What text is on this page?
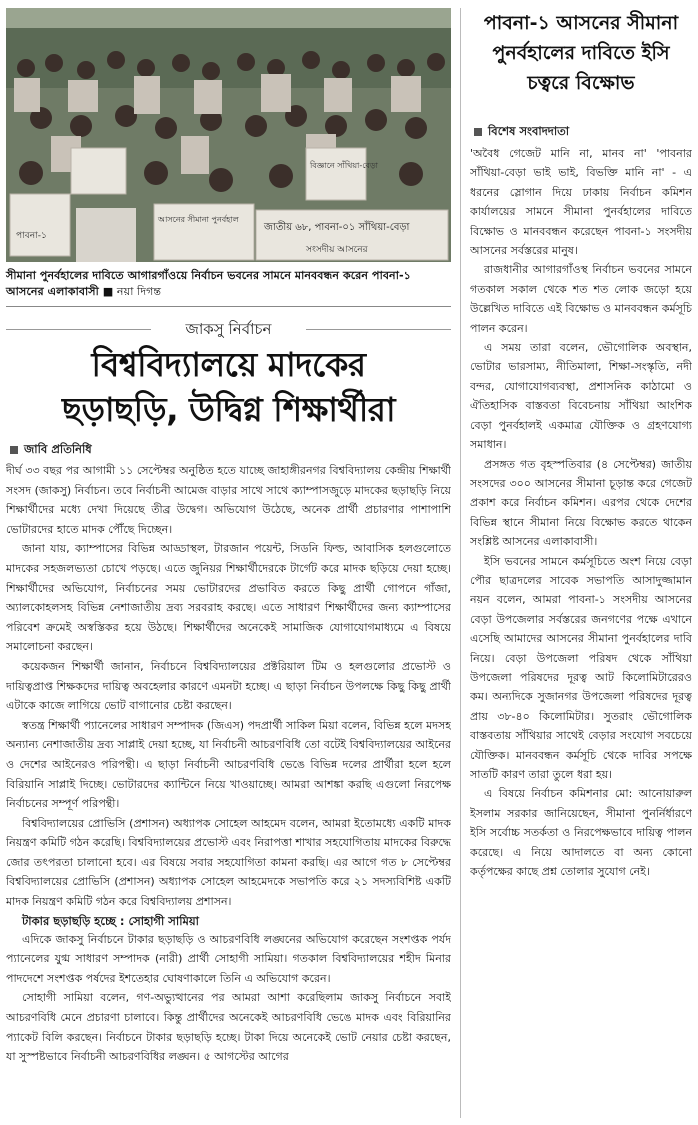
পাবনা-১
আসনের সীমানা পুনর্বহাল
জাতীয় ৬৮, পাবনা-০১ সাঁথিয়া-বেড়া
সংসদীয় আসনের
বিজ্ঞানে সাঁথিয়া-বেড়া
সীমানা পুনর্বহালের দাবিতে আগারগাঁওয়ে নির্বাচন ভবনের সামনে মানববন্ধন করেন পাবনা-১ আসনের এলাকাবাসী ■ নয়া দিগন্ত
জাকসু নির্বাচন
বিশ্ববিদ্যালয়ে মাদকের
ছড়াছড়ি, উদ্বিগ্ন শিক্ষার্থীরা
জাবি প্রতিনিধি

দীর্ঘ ৩৩ বছর পর আগামী ১১ সেপ্টেম্বর অনুষ্ঠিত হতে যাচ্ছে জাহাঙ্গীরনগর বিশ্ববিদ্যালয় কেন্দ্রীয় শিক্ষার্থী সংসদ (জাকসু) নির্বাচন। তবে নির্বাচনী আমেজ বাড়ার সাথে সাথে ক্যাম্পাসজুড়ে মাদকের ছড়াছড়ি নিয়ে শিক্ষার্থীদের মধ্যে দেখা দিয়েছে তীব্র উদ্বেগ। অভিযোগ উঠেছে, অনেক প্রার্থী প্রচারণার পাশাপাশি ভোটারদের হাতে মাদক পৌঁছে দিচ্ছেন।

জানা যায়, ক্যাম্পাসের বিভিন্ন আড্ডাস্থল, টারজান পয়েন্ট, সিডনি ফিল্ড, আবাসিক হলগুলোতে মাদকের সহজলভ্যতা চোখে পড়ছে। এতে জুনিয়র শিক্ষার্থীদেরকে টার্গেট করে মাদক ছড়িয়ে দেয়া হচ্ছে। শিক্ষার্থীদের অভিযোগ, নির্বাচনের সময় ভোটারদের প্রভাবিত করতে কিছু প্রার্থী গোপনে গাঁজা, অ্যালকোহলসহ বিভিন্ন নেশাজাতীয় দ্রব্য সরবরাহ করছে। এতে সাধারণ শিক্ষার্থীদের জন্য ক্যাম্পাসের পরিবেশ ক্রমেই অস্বস্তিকর হয়ে উঠছে। শিক্ষার্থীদের অনেকেই সামাজিক যোগাযোগমাধ্যমে এ বিষয়ে সমালোচনা করছেন।

কয়েকজন শিক্ষার্থী জানান, নির্বাচনে বিশ্ববিদ্যালয়ের প্রক্টরিয়াল টিম ও হলগুলোর প্রভোস্ট ও দায়িত্বপ্রাপ্ত শিক্ষকদের দায়িত্ব অবহেলার কারণে এমনটা হচ্ছে। এ ছাড়া নির্বাচন উপলক্ষে কিছু কিছু প্রার্থী এটাকে কাজে লাগিয়ে ভোট বাগানোর চেষ্টা করছেন।

স্বতন্ত্র শিক্ষার্থী প্যানেলের সাধারণ সম্পাদক (জিএস) পদপ্রার্থী সাকিল মিয়া বলেন, বিভিন্ন হলে মদসহ অন্যান্য নেশাজাতীয় দ্রব্য সাপ্লাই দেয়া হচ্ছে, যা নির্বাচনী আচরণবিধি তো বটেই বিশ্ববিদ্যালয়ের আইনের ও দেশের আইনেরও পরিপন্থী। এ ছাড়া নির্বাচনী আচরণবিধি ভেঙে বিভিন্ন দলের প্রার্থীরা হলে হলে বিরিয়ানি সাপ্লাই দিচ্ছে। ভোটারদের ক্যান্টিনে নিয়ে খাওয়াচ্ছে। আমরা আশঙ্কা করছি এগুলো নিরপেক্ষ নির্বাচনের সম্পূর্ণ পরিপন্থী।

বিশ্ববিদ্যালয়ের প্রোভিসি (প্রশাসন) অধ্যাপক সোহেল আহমেদ বলেন, আমরা ইতোমধ্যে একটি মাদক নিয়ন্ত্রণ কমিটি গঠন করেছি। বিশ্ববিদ্যালয়ের প্রভোস্ট এবং নিরাপত্তা শাখার সহযোগিতায় মাদকের বিরুদ্ধে জোর তৎপরতা চালানো হবে। এর বিষয়ে সবার সহযোগিতা কামনা করছি। এর আগে গত ৮ সেপ্টেম্বর বিশ্ববিদ্যালয়ের প্রোভিসি (প্রশাসন) অধ্যাপক সোহেল আহমেদকে সভাপতি করে ২১ সদস্যবিশিষ্ট একটি মাদক নিয়ন্ত্রণ কমিটি গঠন করে বিশ্ববিদ্যালয় প্রশাসন।

টাকার ছড়াছড়ি হচ্ছে : সোহাগী সামিয়া

এদিকে জাকসু নির্বাচনে টাকার ছড়াছড়ি ও আচরণবিধি লঙ্ঘনের অভিযোগ করেছেন সংশপ্তক পর্যদ প্যানেলের যুগ্ম সাধারণ সম্পাদক (নারী) প্রার্থী সোহাগী সামিয়া। গতকাল বিশ্ববিদ্যালয়ের শহীদ মিনার পাদদেশে সংশপ্তক পর্ষদের ইশতেহার ঘোষণাকালে তিনি এ অভিযোগ করেন।

সোহাগী সামিয়া বলেন, গণ-অভ্যুত্থানের পর আমরা আশা করেছিলাম জাকসু নির্বাচনে সবাই আচরণবিধি মেনে প্রচারণা চালাবে। কিন্তু প্রার্থীদের অনেকেই আচরণবিধি ভেঙে মাদক এবং বিরিয়ানির প্যাকেট বিলি করছেন। নির্বাচনে টাকার ছড়াছড়ি হচ্ছে। টাকা দিয়ে অনেকেই ভোট নেয়ার চেষ্টা করছেন, যা সুস্পষ্টভাবে নির্বাচনী আচরণবিধির লঙ্ঘন। ৫ আগস্টের আগের

পাবনা-১ আসনের সীমানা পুনর্বহালের দাবিতে ইসি চত্বরে বিক্ষোভ
বিশেষ সংবাদদাতা

'অবৈধ গেজেট মানি না, মানব না' 'পাবনার সাঁথিয়া-বেড়া ভাই ভাই, বিভক্তি মানি না' - এ ধরনের স্লোগান দিয়ে ঢাকায় নির্বাচন কমিশন কার্যালয়ের সামনে সীমানা পুনর্বহালের দাবিতে বিক্ষোভ ও মানববন্ধন করেছেন পাবনা-১ সংসদীয় আসনের সর্বস্তরের মানুষ।

রাজধানীর আগারগাঁওস্থ নির্বাচন ভবনের সামনে গতকাল সকাল থেকে শত শত লোক জড়ো হয়ে উল্লেখিত দাবিতে এই বিক্ষোভ ও মানববন্ধন কর্মসূচি পালন করেন।

এ সময় তারা বলেন, ভৌগোলিক অবস্থান, ভোটার ভারসাম্য, নীতিমালা, শিক্ষা-সংস্কৃতি, নদী বন্দর, যোগাযোগব্যবস্থা, প্রশাসনিক কাঠামো ও ঐতিহাসিক বাস্তবতা বিবেচনায় সাঁথিয়া আংশিক বেড়া পুনর্বহালই একমাত্র যৌক্তিক ও গ্রহণযোগ্য সমাধান।

প্রসঙ্গত গত বৃহস্পতিবার (৪ সেপ্টেম্বর) জাতীয় সংসদের ৩০০ আসনের সীমানা চূড়ান্ত করে গেজেট প্রকাশ করে নির্বাচন কমিশন। এরপর থেকে দেশের বিভিন্ন স্থানে সীমানা নিয়ে বিক্ষোভ করতে থাকেন সংশ্লিষ্ট আসনের এলাকাবাসী।

ইসি ভবনের সামনে কর্মসূচিতে অংশ নিয়ে বেড়া পৌর ছাত্রদলের সাবেক সভাপতি আসাদুজ্জামান নয়ন বলেন, আমরা পাবনা-১ সংসদীয় আসনের বেড়া উপজেলার সর্বস্তরের জনগণের পক্ষে এখানে এসেছি আমাদের আসনের সীমানা পুনর্বহালের দাবি নিয়ে। বেড়া উপজেলা পরিষদ থেকে সাঁথিয়া উপজেলা পরিষদের দূরত্ব আট কিলোমিটারেরও কম। অন্যদিকে সুজানগর উপজেলা পরিষদের দূরত্ব প্রায় ৩৮-৪০ কিলোমিটার। সুতরাং ভৌগোলিক বাস্তবতায় সাঁথিয়ার সাথেই বেড়ার সংযোগ সবচেয়ে যৌক্তিক। মানববন্ধন কর্মসূচি থেকে দাবির সপক্ষে সাতটি কারণ তারা তুলে ধরা হয়।

এ বিষয়ে নির্বাচন কমিশনার মো: আনোয়ারুল ইসলাম সরকার জানিয়েছেন, সীমানা পুনর্নির্ধারণে ইসি সর্বোচ্চ সতর্কতা ও নিরপেক্ষভাবে দায়িত্ব পালন করেছে। এ নিয়ে আদালতে বা অন্য কোনো কর্তৃপক্ষের কাছে প্রশ্ন তোলার সুযোগ নেই।
